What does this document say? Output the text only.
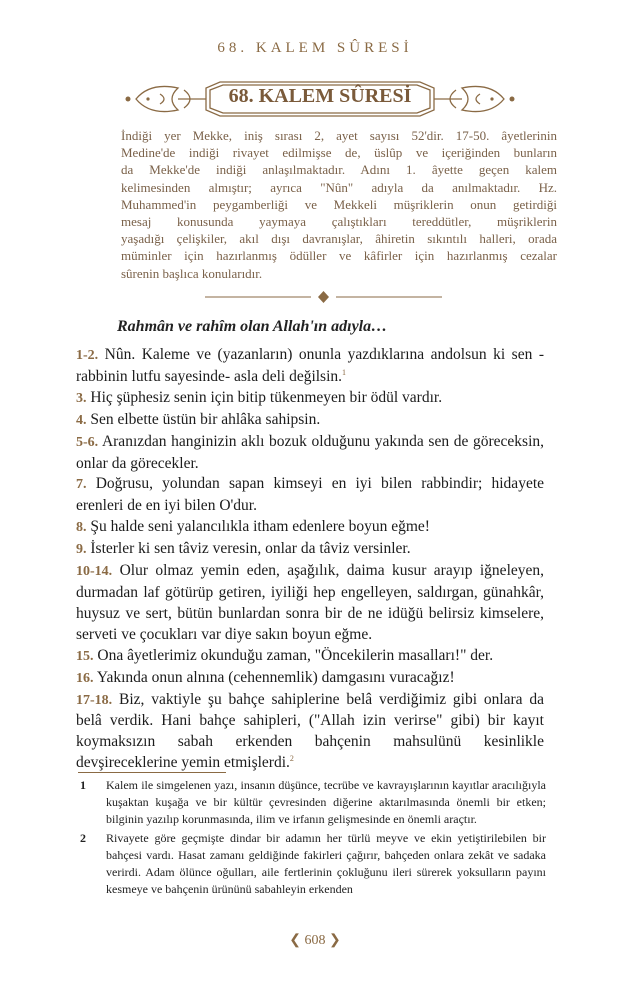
68. KALEM SÛRESİ
68. KALEM SÛRESİ

İndiği yer Mekke, iniş sırası 2, ayet sayısı 52'dir. 17-50. âyetlerinin

Medine'de indiği rivayet edilmişse de, üslûp ve içeriğinden bunların

da Mekke'de indiği anlaşılmaktadır. Adını 1. âyette geçen kalem

kelimesinden almıştır; ayrıca "Nûn" adıyla da anılmaktadır. Hz.

Muhammed'in peygamberliği ve Mekkeli müşriklerin onun getirdiği

mesaj konusunda yaymaya çalıştıkları tereddütler, müşriklerin

yaşadığı çelişkiler, akıl dışı davranışlar, âhiretin sıkıntılı halleri, orada

müminler için hazırlanmış ödüller ve kâfirler için hazırlanmış cezalar

sûrenin başlıca konularıdır.

Rahmân ve rahîm olan Allah'ın adıyla…

1-2. Nûn. Kaleme ve (yazanların) onunla yazdıklarına andolsun ki sen -rabbinin lutfu sayesinde- asla deli değilsin.$^1$

3. Hiç şüphesiz senin için bitip tükenmeyen bir ödül vardır.

4. Sen elbette üstün bir ahlâka sahipsin.

5-6. Aranızdan hanginizin aklı bozuk olduğunu yakında sen de göreceksin, onlar da görecekler.

7. Doğrusu, yolundan sapan kimseyi en iyi bilen rabbindir; hidayete erenleri de en iyi bilen O'dur.

8. Şu halde seni yalancılıkla itham edenlere boyun eğme!

9. İsterler ki sen tâviz veresin, onlar da tâviz versinler.

10-14. Olur olmaz yemin eden, aşağılık, daima kusur arayıp iğneleyen, durmadan laf götürüp getiren, iyiliği hep engelleyen, saldırgan, günahkâr, huysuz ve sert, bütün bunlardan sonra bir de ne idüğü belirsiz kimselere, serveti ve çocukları var diye sakın boyun eğme.

15. Ona âyetlerimiz okunduğu zaman, "Öncekilerin masalları!" der.

16. Yakında onun alnına (cehennemlik) damgasını vuracağız!

17-18. Biz, vaktiyle şu bahçe sahiplerine belâ verdiğimiz gibi onlara da belâ verdik. Hani bahçe sahipleri, ("Allah izin verirse" gibi) bir kayıt koymaksızın sabah erkenden bahçenin mahsulünü kesinlikle devşireceklerine yemin etmişlerdi.$^2$

1 Kalem ile simgelenen yazı, insanın düşünce, tecrübe ve kavrayışlarının kayıtlar aracılığıyla kuşaktan kuşağa ve bir kültür çevresinden diğerine aktarılmasında önemli bir etken; bilginin yazılıp korunmasında, ilim ve irfanın gelişmesinde en önemli araçtır.

2 Rivayete göre geçmişte dindar bir adamın her türlü meyve ve ekin yetiştirilebilen bir bahçesi vardı. Hasat zamanı geldiğinde fakirleri çağırır, bahçeden onlara zekât ve sadaka verirdi. Adam ölünce oğulları, aile fertlerinin çokluğunu ileri sürerek yoksulların payını kesmeye ve bahçenin ürününü sabahleyin erkenden

❮ 608 ❯
